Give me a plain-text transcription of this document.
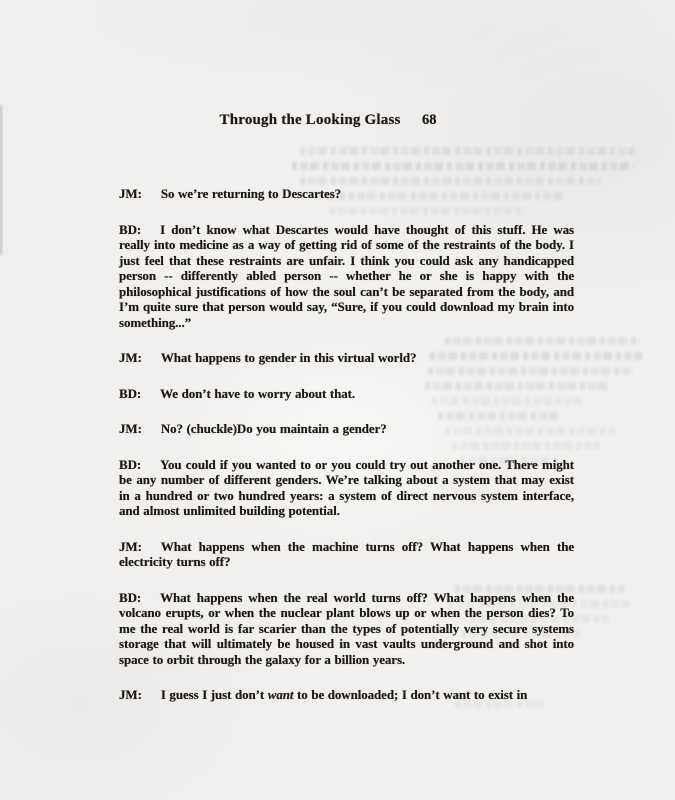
Through the Looking Glass 68

JM: So we’re returning to Descartes?

BD: I don’t know what Descartes would have thought of this stuff. He was really into medicine as a way of getting rid of some of the restraints of the body. I just feel that these restraints are unfair. I think you could ask any handicapped person -- differently abled person -- whether he or she is happy with the philosophical justifications of how the soul can’t be separated from the body, and I’m quite sure that person would say, “Sure, if you could download my brain into something...”

JM: What happens to gender in this virtual world?

BD: We don’t have to worry about that.

JM: No? (chuckle)Do you maintain a gender?

BD: You could if you wanted to or you could try out another one. There might be any number of different genders. We’re talking about a system that may exist in a hundred or two hundred years: a system of direct nervous system interface, and almost unlimited building potential.

JM: What happens when the machine turns off? What happens when the electricity turns off?

BD: What happens when the real world turns off? What happens when the volcano erupts, or when the nuclear plant blows up or when the person dies? To me the real world is far scarier than the types of potentially very secure systems storage that will ultimately be housed in vast vaults underground and shot into space to orbit through the galaxy for a billion years.

JM: I guess I just don’t want to be downloaded; I don’t want to exist in
